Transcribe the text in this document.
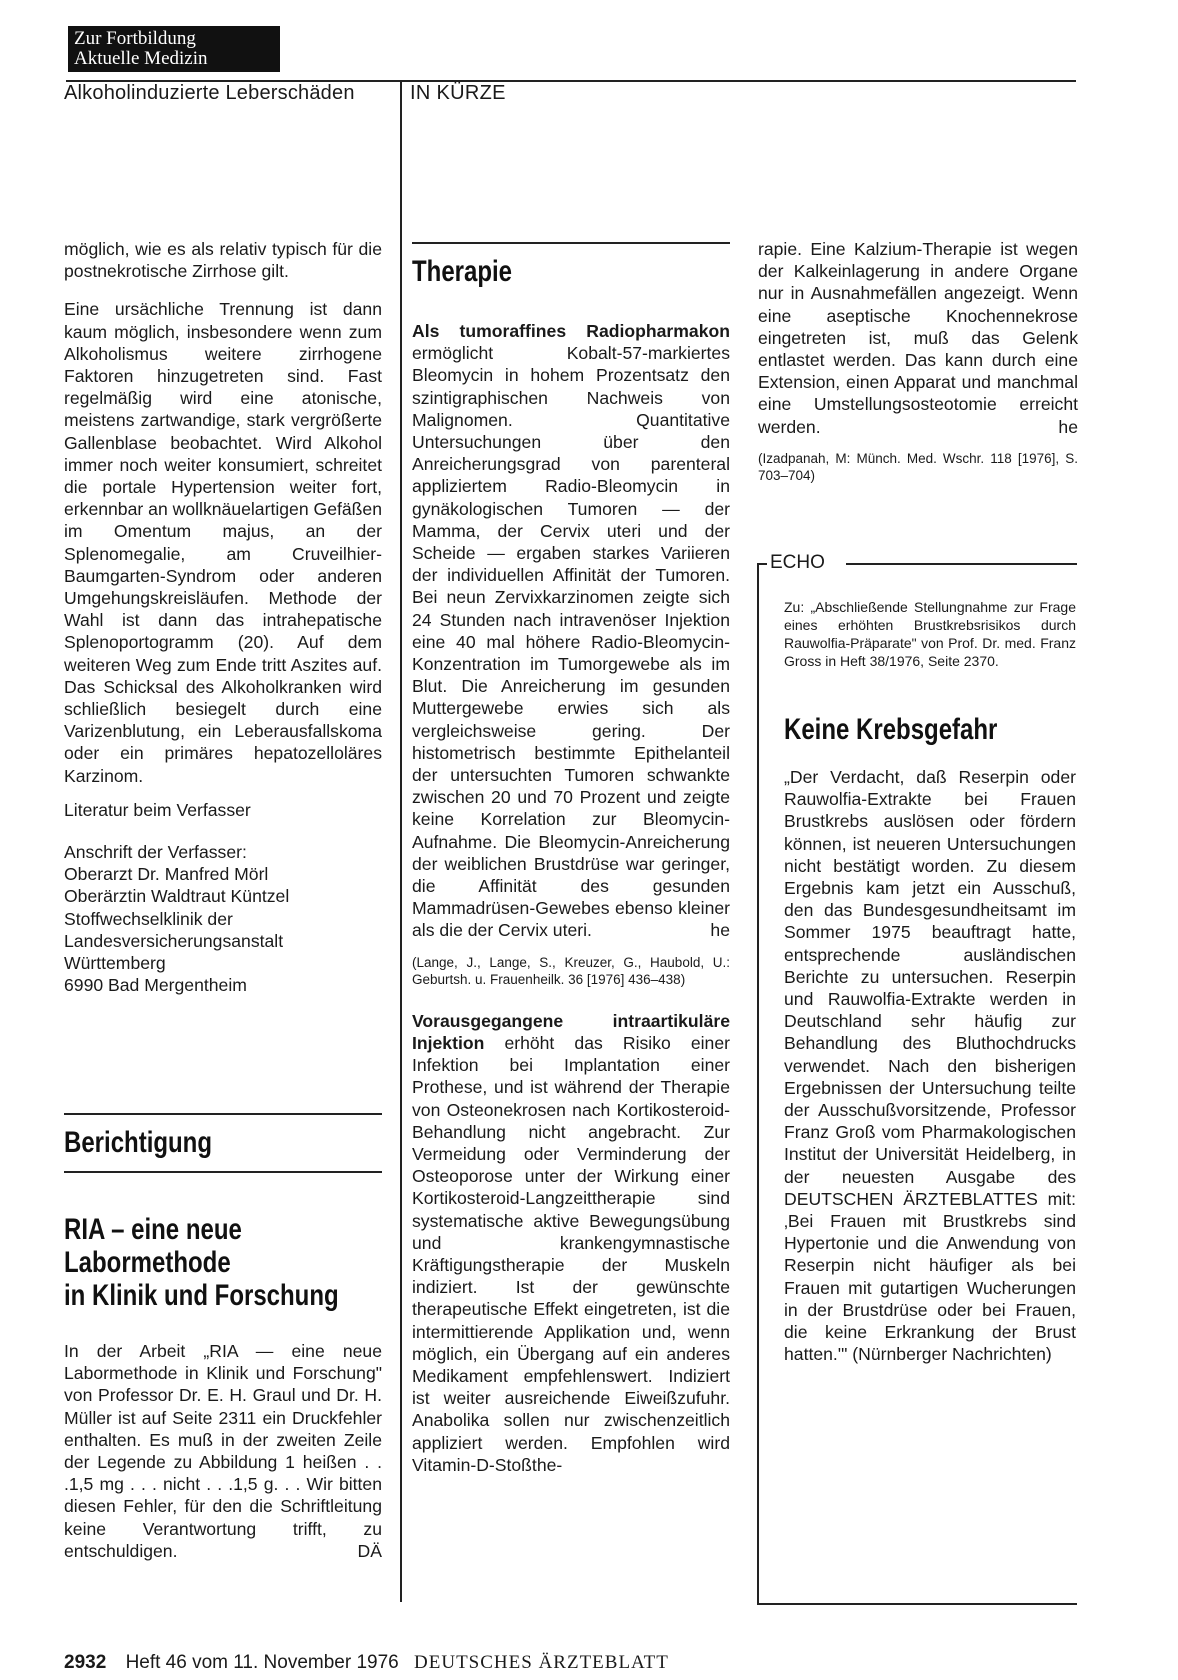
Zur Fortbildung
Aktuelle Medizin
Alkoholinduzierte Leberschäden	IN KÜRZE

möglich, wie es als relativ typisch für die postnekrotische Zirrhose gilt.

Eine ursächliche Trennung ist dann kaum möglich, insbesondere wenn zum Alkoholismus weitere zirrhogene Faktoren hinzugetreten sind. Fast regelmäßig wird eine atonische, meistens zartwandige, stark vergrößerte Gallenblase beobachtet. Wird Alkohol immer noch weiter konsumiert, schreitet die portale Hypertension weiter fort, erkennbar an wollknäuelartigen Gefäßen im Omentum majus, an der Splenomegalie, am Cruveilhier-Baumgarten-Syndrom oder anderen Umgehungskreisläufen. Methode der Wahl ist dann das intrahepatische Splenoportogramm (20). Auf dem weiteren Weg zum Ende tritt Aszites auf. Das Schicksal des Alkoholkranken wird schließlich besiegelt durch eine Varizenblutung, ein Leberausfallskoma oder ein primäres hepatozelloläres Karzinom.

Literatur beim Verfasser

Anschrift der Verfasser:
Oberarzt Dr. Manfred Mörl
Oberärztin Waldtraut Küntzel
Stoffwechselklinik der Landesversicherungsanstalt Württemberg
6990 Bad Mergentheim
Berichtigung
RIA – eine neue
Labormethode
in Klinik und Forschung
In der Arbeit „RIA — eine neue Labormethode in Klinik und Forschung" von Professor Dr. E. H. Graul und Dr. H. Müller ist auf Seite 2311 ein Druckfehler enthalten. Es muß in der zweiten Zeile der Legende zu Abbildung 1 heißen . . .1,5 mg . . . nicht . . .1,5 g. . . Wir bitten diesen Fehler, für den die Schriftleitung keine Verantwortung trifft, zu entschuldigen.	DÄ
Therapie

Als tumoraffines Radiopharmakon ermöglicht Kobalt-57-markiertes Bleomycin in hohem Prozentsatz den szintigraphischen Nachweis von Malignomen. Quantitative Untersuchungen über den Anreicherungsgrad von parenteral appliziertem Radio-Bleomycin in gynäkologischen Tumoren — der Mamma, der Cervix uteri und der Scheide — ergaben starkes Variieren der individuellen Affinität der Tumoren. Bei neun Zervixkarzinomen zeigte sich 24 Stunden nach intravenöser Injektion eine 40 mal höhere Radio-Bleomycin-Konzentration im Tumorgewebe als im Blut. Die Anreicherung im gesunden Muttergewebe erwies sich als vergleichsweise gering. Der histometrisch bestimmte Epithelanteil der untersuchten Tumoren schwankte zwischen 20 und 70 Prozent und zeigte keine Korrelation zur Bleomycin-Aufnahme. Die Bleomycin-Anreicherung der weiblichen Brustdrüse war geringer, die Affinität des gesunden Mammadrüsen-Gewebes ebenso kleiner als die der Cervix uteri.	he

(Lange, J., Lange, S., Kreuzer, G., Haubold, U.: Geburtsh. u. Frauenheilk. 36 [1976] 436–438)

Vorausgegangene intraartikuläre Injektion erhöht das Risiko einer Infektion bei Implantation einer Prothese, und ist während der Therapie von Osteonekrosen nach Kortikosteroid-Behandlung nicht angebracht. Zur Vermeidung oder Verminderung der Osteoporose unter der Wirkung einer Kortikosteroid-Langzeittherapie sind systematische aktive Bewegungsübung und krankengymnastische Kräftigungstherapie der Muskeln indiziert. Ist der gewünschte therapeutische Effekt eingetreten, ist die intermittierende Applikation und, wenn möglich, ein Übergang auf ein anderes Medikament empfehlenswert. Indiziert ist weiter ausreichende Eiweißzufuhr. Anabolika sollen nur zwischenzeitlich appliziert werden. Empfohlen wird Vitamin-D-Stoßthe-

rapie. Eine Kalzium-Therapie ist wegen der Kalkeinlagerung in andere Organe nur in Ausnahmefällen angezeigt. Wenn eine aseptische Knochennekrose eingetreten ist, muß das Gelenk entlastet werden. Das kann durch eine Extension, einen Apparat und manchmal eine Umstellungsosteotomie erreicht werden.	he

(Izadpanah, M: Münch. Med. Wschr. 118 [1976], S. 703–704)

ECHO

Zu: „Abschließende Stellungnahme zur Frage eines erhöhten Brustkrebsrisikos durch Rauwolfia-Präparate" von Prof. Dr. med. Franz Gross in Heft 38/1976, Seite 2370.

Keine Krebsgefahr

„Der Verdacht, daß Reserpin oder Rauwolfia-Extrakte bei Frauen Brustkrebs auslösen oder fördern können, ist neueren Untersuchungen nicht bestätigt worden. Zu diesem Ergebnis kam jetzt ein Ausschuß, den das Bundesgesundheitsamt im Sommer 1975 beauftragt hatte, entsprechende ausländischen Berichte zu untersuchen. Reserpin und Rauwolfia-Extrakte werden in Deutschland sehr häufig zur Behandlung des Bluthochdrucks verwendet. Nach den bisherigen Ergebnissen der Untersuchung teilte der Ausschußvorsitzende, Professor Franz Groß vom Pharmakologischen Institut der Universität Heidelberg, in der neuesten Ausgabe des DEUTSCHEN ÄRZTEBLATTES mit: ‚Bei Frauen mit Brustkrebs sind Hypertonie und die Anwendung von Reserpin nicht häufiger als bei Frauen mit gutartigen Wucherungen in der Brustdrüse oder bei Frauen, die keine Erkrankung der Brust hatten.'" (Nürnberger Nachrichten)

2932 Heft 46 vom 11. November 1976 DEUTSCHES ÄRZTEBLATT
